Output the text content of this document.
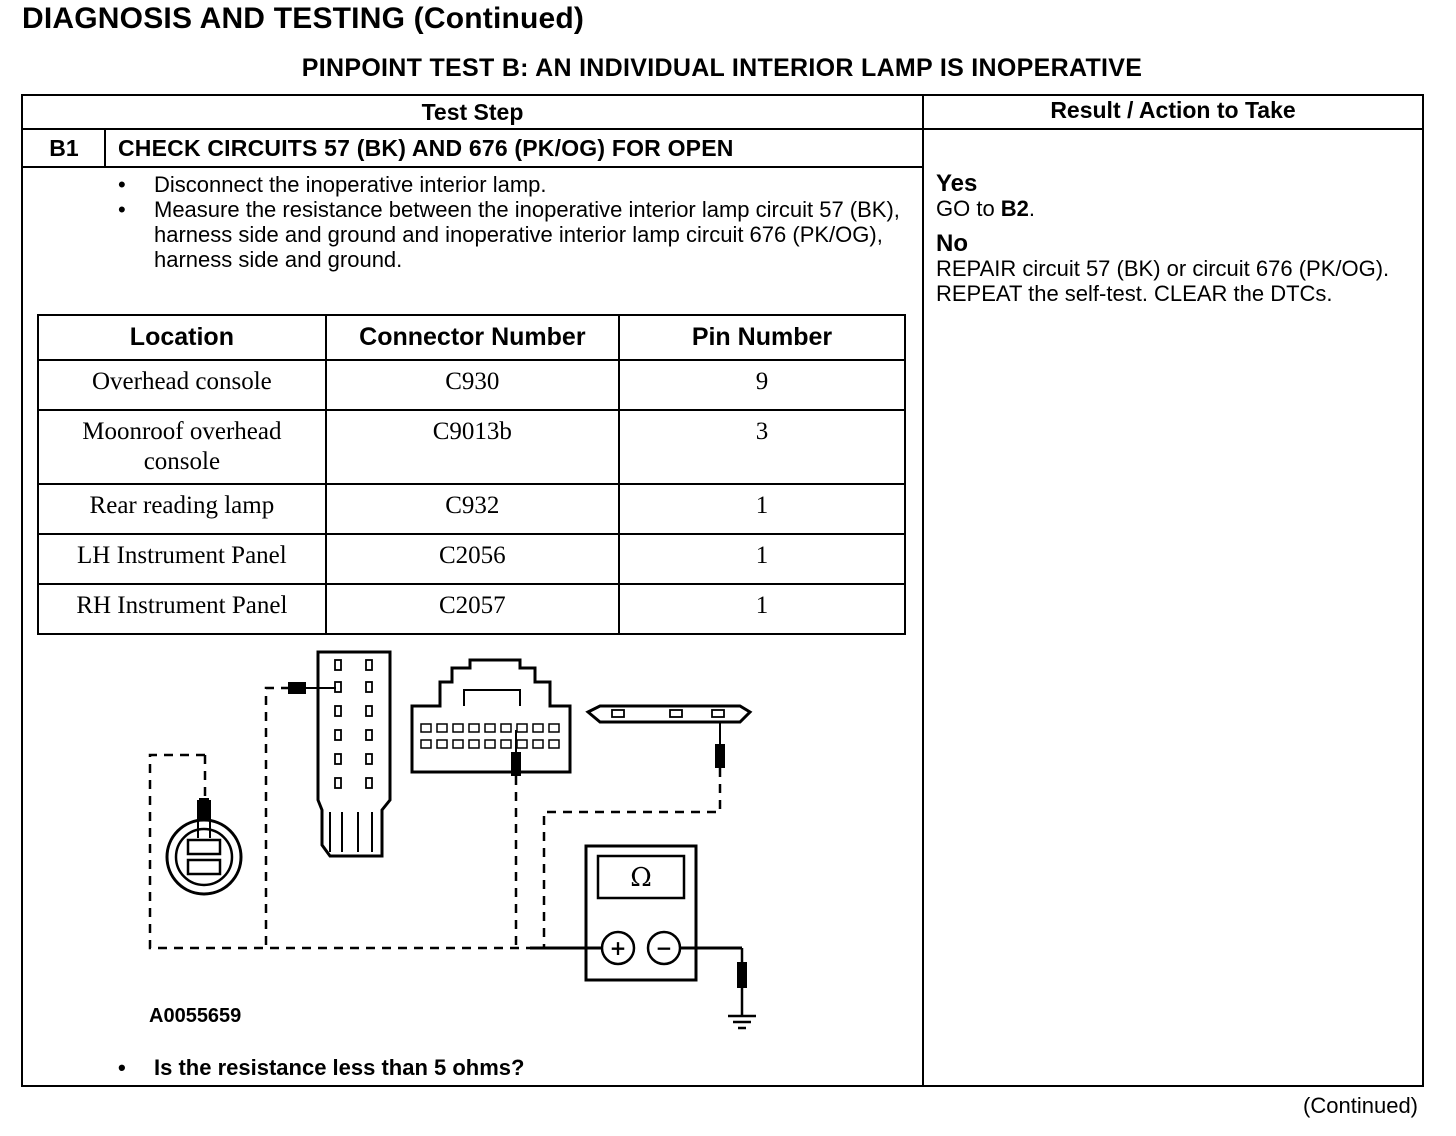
DIAGNOSIS AND TESTING (Continued)
PINPOINT TEST B: AN INDIVIDUAL INTERIOR LAMP IS INOPERATIVE
Test Step	Result / Action to Take
B1	CHECK CIRCUITS 57 (BK) AND 676 (PK/OG) FOR OPEN
• Disconnect the inoperative interior lamp.
• Measure the resistance between the inoperative interior lamp circuit 57 (BK), harness side and ground and inoperative interior lamp circuit 676 (PK/OG), harness side and ground.
Location	Connector Number	Pin Number
Overhead console	C930	9
Moonroof overhead console	C9013b	3
Rear reading lamp	C932	1
LH Instrument Panel	C2056	1
RH Instrument Panel	C2057	1
Ω
+ −
A0055659
• Is the resistance less than 5 ohms?
Yes
GO to B2.
No
REPAIR circuit 57 (BK) or circuit 676 (PK/OG). REPEAT the self-test. CLEAR the DTCs.
(Continued)
